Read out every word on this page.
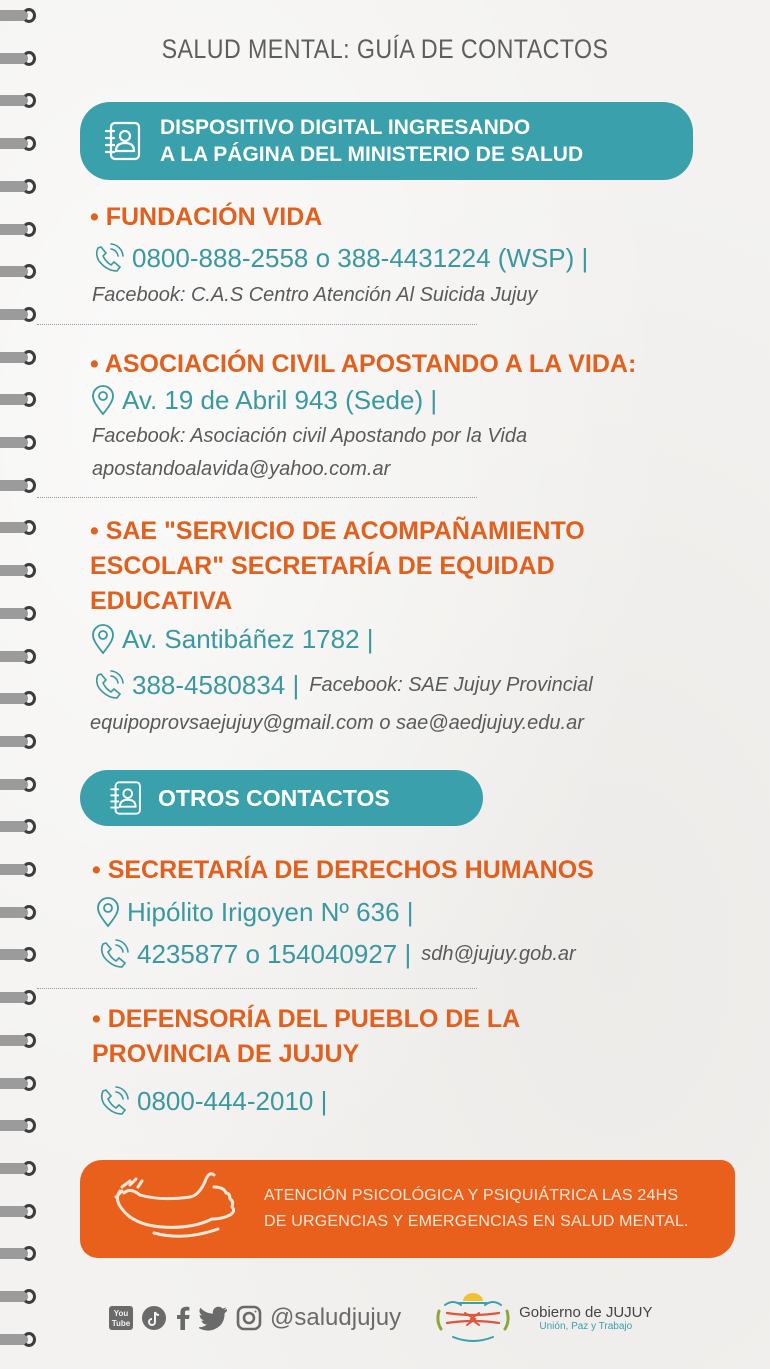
SALUD MENTAL: GUÍA DE CONTACTOS
DISPOSITIVO DIGITAL INGRESANDO
A LA PÁGINA DEL MINISTERIO DE SALUD
• FUNDACIÓN VIDA
0800-888-2558 o 388-4431224 (WSP) |
Facebook: C.A.S Centro Atención Al Suicida Jujuy
• ASOCIACIÓN CIVIL APOSTANDO A LA VIDA:
Av. 19 de Abril 943 (Sede) |
Facebook: Asociación civil Apostando por la Vida
apostandoalavida@yahoo.com.ar
• SAE "SERVICIO DE ACOMPAÑAMIENTO
ESCOLAR" SECRETARÍA DE EQUIDAD
EDUCATIVA
Av. Santibáñez 1782 |
388-4580834 | Facebook: SAE Jujuy Provincial
equipoprovsaejujuy@gmail.com o sae@aedjujuy.edu.ar
OTROS CONTACTOS
• SECRETARÍA DE DERECHOS HUMANOS
Hipólito Irigoyen Nº 636 |
4235877 o 154040927 | sdh@jujuy.gob.ar
• DEFENSORÍA DEL PUEBLO DE LA
PROVINCIA DE JUJUY
0800-444-2010 |
ATENCIÓN PSICOLÓGICA Y PSIQUIÁTRICA LAS 24HS
DE URGENCIAS Y EMERGENCIAS EN SALUD MENTAL.
You
Tube	@saludjujuy	Gobierno de JUJUY
Unión, Paz y Trabajo
